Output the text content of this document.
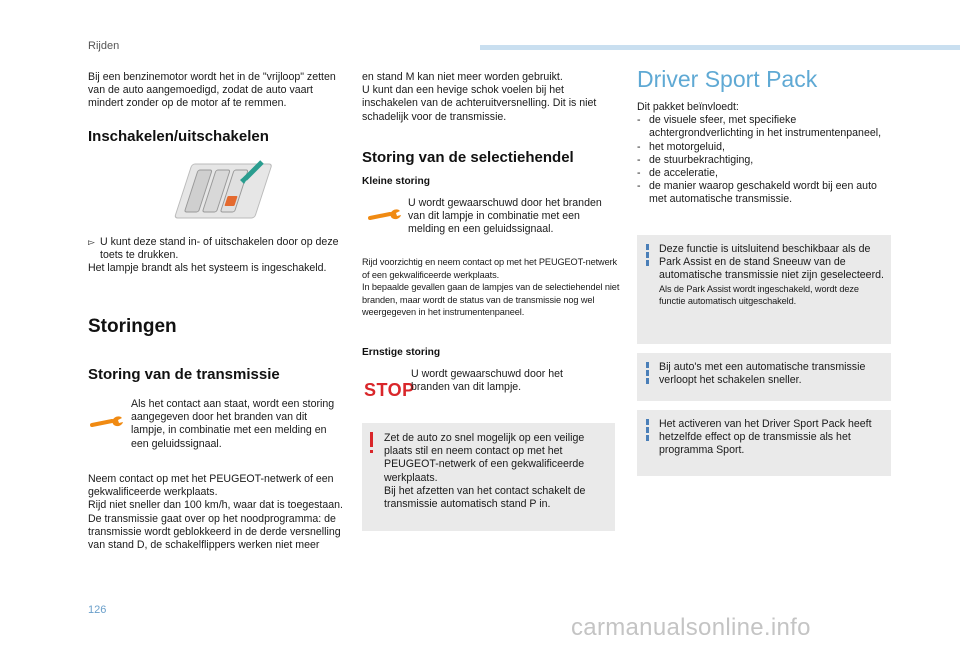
Rijden
Bij een benzinemotor wordt het in de "vrijloop" zetten van de auto aangemoedigd, zodat de auto vaart mindert zonder op de motor af te remmen.
Inschakelen/uitschakelen
▻ U kunt deze stand in- of uitschakelen door op deze toets te drukken.
Het lampje brandt als het systeem is ingeschakeld.
Storingen
Storing van de transmissie
Als het contact aan staat, wordt een storing aangegeven door het branden van dit lampje, in combinatie met een melding en een geluidssignaal.
Neem contact op met het PEUGEOT-netwerk of een gekwalificeerde werkplaats.
Rijd niet sneller dan 100 km/h, waar dat is toegestaan.
De transmissie gaat over op het noodprogramma: de transmissie wordt geblokkeerd in de derde versnelling van stand D, de schakelflippers werken niet meer
en stand M kan niet meer worden gebruikt.
U kunt dan een hevige schok voelen bij het inschakelen van de achteruitversnelling. Dit is niet schadelijk voor de transmissie.
Storing van de selectiehendel
Kleine storing
U wordt gewaarschuwd door het branden van dit lampje in combinatie met een melding en een geluidssignaal.
Rijd voorzichtig en neem contact op met het PEUGEOT-netwerk of een gekwalificeerde werkplaats.
In bepaalde gevallen gaan de lampjes van de selectiehendel niet branden, maar wordt de status van de transmissie nog wel weergegeven in het instrumentenpaneel.
Ernstige storing
STOP
U wordt gewaarschuwd door het branden van dit lampje.
Zet de auto zo snel mogelijk op een veilige plaats stil en neem contact op met het PEUGEOT-netwerk of een gekwalificeerde werkplaats.
Bij het afzetten van het contact schakelt de transmissie automatisch stand P in.
Driver Sport Pack
Dit pakket beïnvloedt:
- de visuele sfeer, met specifieke achtergrondverlichting in het instrumentenpaneel,
- het motorgeluid,
- de stuurbekrachtiging,
- de acceleratie,
- de manier waarop geschakeld wordt bij een auto met automatische transmissie.
Deze functie is uitsluitend beschikbaar als de Park Assist en de stand Sneeuw van de automatische transmissie niet zijn geselecteerd.
Als de Park Assist wordt ingeschakeld, wordt deze functie automatisch uitgeschakeld.
Bij auto's met een automatische transmissie verloopt het schakelen sneller.
Het activeren van het Driver Sport Pack heeft hetzelfde effect op de transmissie als het programma Sport.
126
carmanualsonline.info
